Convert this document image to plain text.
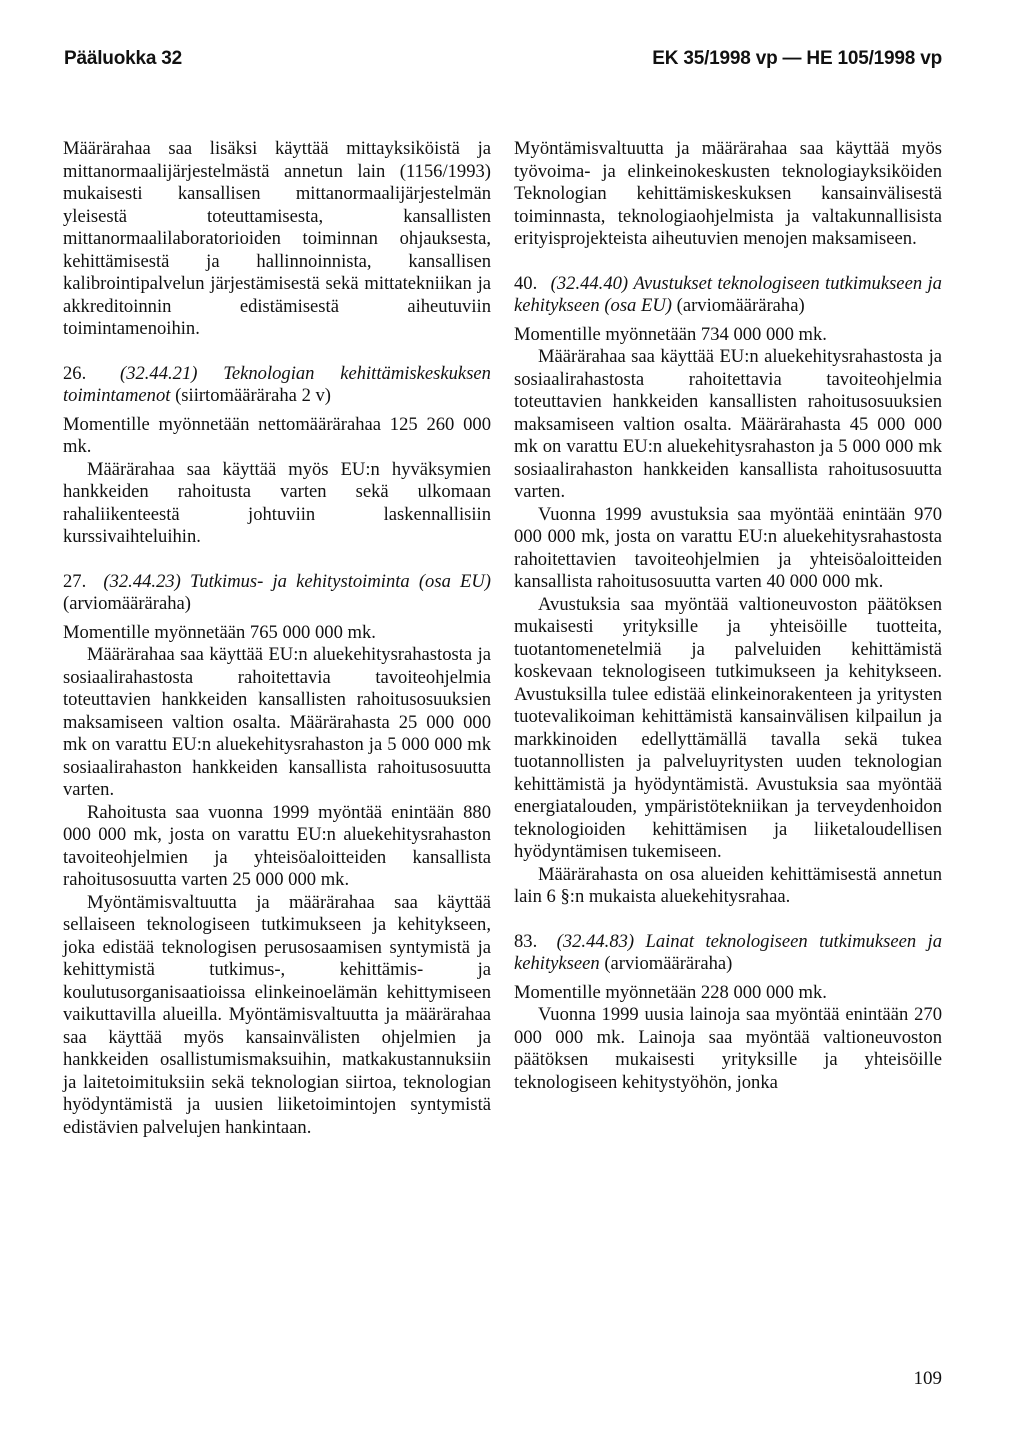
Pääluokka 32	EK 35/1998 vp — HE 105/1998 vp

Määrärahaa saa lisäksi käyttää mittayksiköistä ja mittanormaalijärjestelmästä annetun lain (1156/1993) mukaisesti kansallisen mittanormaalijärjestelmän yleisestä toteuttamisesta, kansallisten mittanormaalilaboratorioiden toiminnan ohjauksesta, kehittämisestä ja hallinnoinnista, kansallisen kalibrointipalvelun järjestämisestä sekä mittatekniikan ja akkreditoinnin edistämisestä aiheutuviin toimintamenoihin.

26. (32.44.21) Teknologian kehittämiskeskuksen toimintamenot (siirtomääräraha 2 v)

Momentille myönnetään nettomäärärahaa 125 260 000 mk.

Määrärahaa saa käyttää myös EU:n hyväksymien hankkeiden rahoitusta varten sekä ulkomaan rahaliikenteestä johtuviin laskennallisiin kurssivaihteluihin.

27. (32.44.23) Tutkimus- ja kehitystoiminta (osa EU) (arviomääräraha)

Momentille myönnetään 765 000 000 mk.

Määrärahaa saa käyttää EU:n aluekehitysrahastosta ja sosiaalirahastosta rahoitettavia tavoiteohjelmia toteuttavien hankkeiden kansallisten rahoitusosuuksien maksamiseen valtion osalta. Määrärahasta 25 000 000 mk on varattu EU:n aluekehitysrahaston ja 5 000 000 mk sosiaalirahaston hankkeiden kansallista rahoitusosuutta varten.

Rahoitusta saa vuonna 1999 myöntää enintään 880 000 000 mk, josta on varattu EU:n aluekehitysrahaston tavoiteohjelmien ja yhteisöaloitteiden kansallista rahoitusosuutta varten 25 000 000 mk.

Myöntämisvaltuutta ja määrärahaa saa käyttää sellaiseen teknologiseen tutkimukseen ja kehitykseen, joka edistää teknologisen perusosaamisen syntymistä ja kehittymistä tutkimus-, kehittämis- ja koulutusorganisaatioissa elinkeinoelämän kehittymiseen vaikuttavilla alueilla. Myöntämisvaltuutta ja määrärahaa saa käyttää myös kansainvälisten ohjelmien ja hankkeiden osallistumismaksuihin, matkakustannuksiin ja laitetoimituksiin sekä teknologian siirtoa, teknologian hyödyntämistä ja uusien liiketoimintojen syntymistä edistävien palvelujen hankintaan.

Myöntämisvaltuutta ja määrärahaa saa käyttää myös työvoima- ja elinkeinokeskusten teknologiayksiköiden Teknologian kehittämiskeskuksen kansainvälisestä toiminnasta, teknologiaohjelmista ja valtakunnallisista erityisprojekteista aiheutuvien menojen maksamiseen.

40. (32.44.40) Avustukset teknologiseen tutkimukseen ja kehitykseen (osa EU) (arviomääräraha)

Momentille myönnetään 734 000 000 mk.

Määrärahaa saa käyttää EU:n aluekehitysrahastosta ja sosiaalirahastosta rahoitettavia tavoiteohjelmia toteuttavien hankkeiden kansallisten rahoitusosuuksien maksamiseen valtion osalta. Määrärahasta 45 000 000 mk on varattu EU:n aluekehitysrahaston ja 5 000 000 mk sosiaalirahaston hankkeiden kansallista rahoitusosuutta varten.

Vuonna 1999 avustuksia saa myöntää enintään 970 000 000 mk, josta on varattu EU:n aluekehitysrahastosta rahoitettavien tavoiteohjelmien ja yhteisöaloitteiden kansallista rahoitusosuutta varten 40 000 000 mk.

Avustuksia saa myöntää valtioneuvoston päätöksen mukaisesti yrityksille ja yhteisöille tuotteita, tuotantomenetelmiä ja palveluiden kehittämistä koskevaan teknologiseen tutkimukseen ja kehitykseen. Avustuksilla tulee edistää elinkeinorakenteen ja yritysten tuotevalikoiman kehittämistä kansainvälisen kilpailun ja markkinoiden edellyttämällä tavalla sekä tukea tuotannollisten ja palveluyritysten uuden teknologian kehittämistä ja hyödyntämistä. Avustuksia saa myöntää energiatalouden, ympäristötekniikan ja terveydenhoidon teknologioiden kehittämisen ja liiketaloudellisen hyödyntämisen tukemiseen.

Määrärahasta on osa alueiden kehittämisestä annetun lain 6 §:n mukaista aluekehitysrahaa.

83. (32.44.83) Lainat teknologiseen tutkimukseen ja kehitykseen (arviomääräraha)

Momentille myönnetään 228 000 000 mk.

Vuonna 1999 uusia lainoja saa myöntää enintään 270 000 000 mk. Lainoja saa myöntää valtioneuvoston päätöksen mukaisesti yrityksille ja yhteisöille teknologiseen kehitystyöhön, jonka

109
